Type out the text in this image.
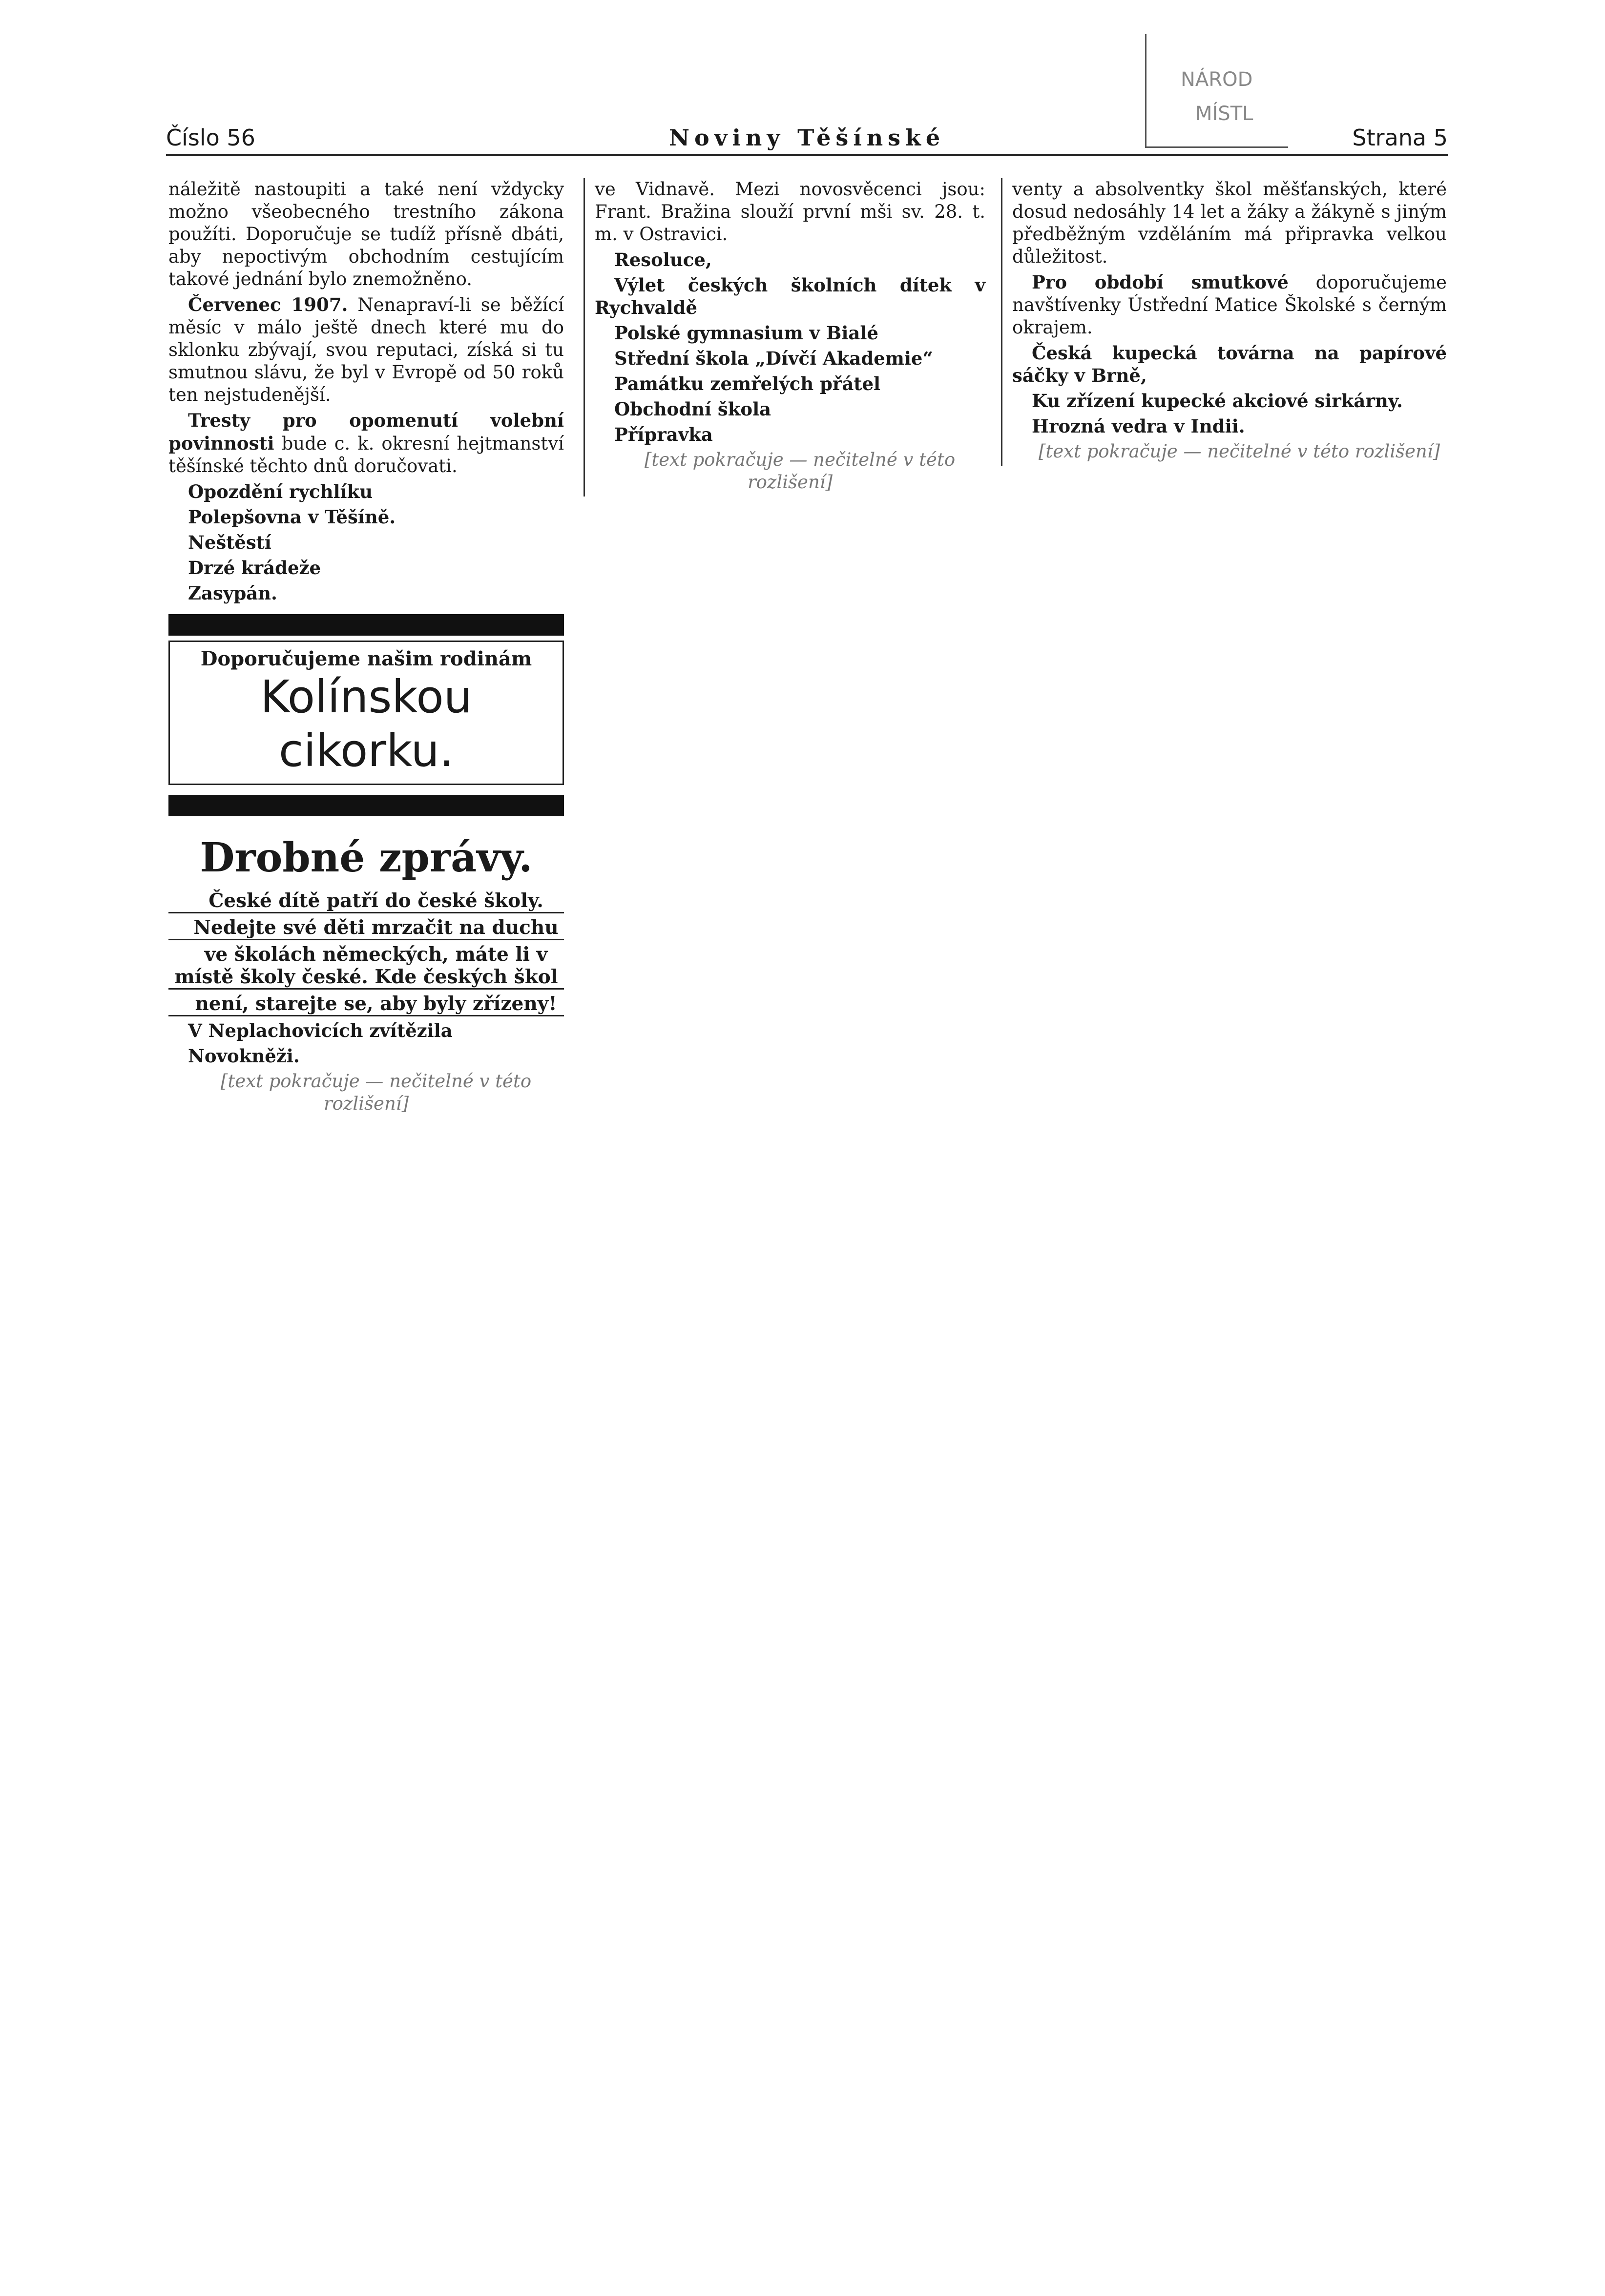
NÁROD
MÍSTL
Číslo 56	Noviny Těšínské	Strana 5

náležitě nastoupiti a také není vždycky možno všeobecného trestního zákona použíti. Doporučuje se tudíž přísně dbáti, aby nepoctivým obchodním cestujícím takové jednání bylo znemožněno.

Červenec 1907. Nenapraví-li se běžící měsíc v málo ještě dnech které mu do sklonku zbývají, svou reputaci, získá si tu smutnou slávu, že byl v Evropě od 50 roků ten nejstudenější.

Tresty pro opomenutí volební povinnosti bude c. k. okresní hejtmanství těšínské těchto dnů doručovati.

Opozdění rychlíku

Polepšovna v Těšíně.

Neštěstí

Drzé krádeže

Zasypán.

Doporučujeme našim rodinám
Kolínskou cikorku.
Drobné zprávy.

České dítě patří do české školy.

Nedejte své děti mrzačit na duchu

ve školách německých, máte li v místě školy české. Kde českých škol

není, starejte se, aby byly zřízeny!

V Neplachovicích zvítězila

Novokněži.

[text pokračuje — nečitelné v této rozlišení]

ve Vidnavě. Mezi novosvěcenci jsou: Frant. Bražina slouží první mši sv. 28. t. m. v Ostravici.

Resoluce,

Výlet českých školních dítek v Rychvaldě

Polské gymnasium v Bialé

Střední škola „Dívčí Akademie“

Památku zemřelých přátel

Obchodní škola

Přípravka

[text pokračuje — nečitelné v této rozlišení]

venty a absolventky škol měšťanských, které dosud nedosáhly 14 let a žáky a žákyně s jiným předběžným vzděláním má připravka velkou důležitost.

Pro období smutkové doporučujeme navštívenky Ústřední Matice Školské s černým okrajem.

Česká kupecká továrna na papírové sáčky v Brně,

Ku zřízení kupecké akciové sirkárny.

Hrozná vedra v Indii.

[text pokračuje — nečitelné v této rozlišení]
